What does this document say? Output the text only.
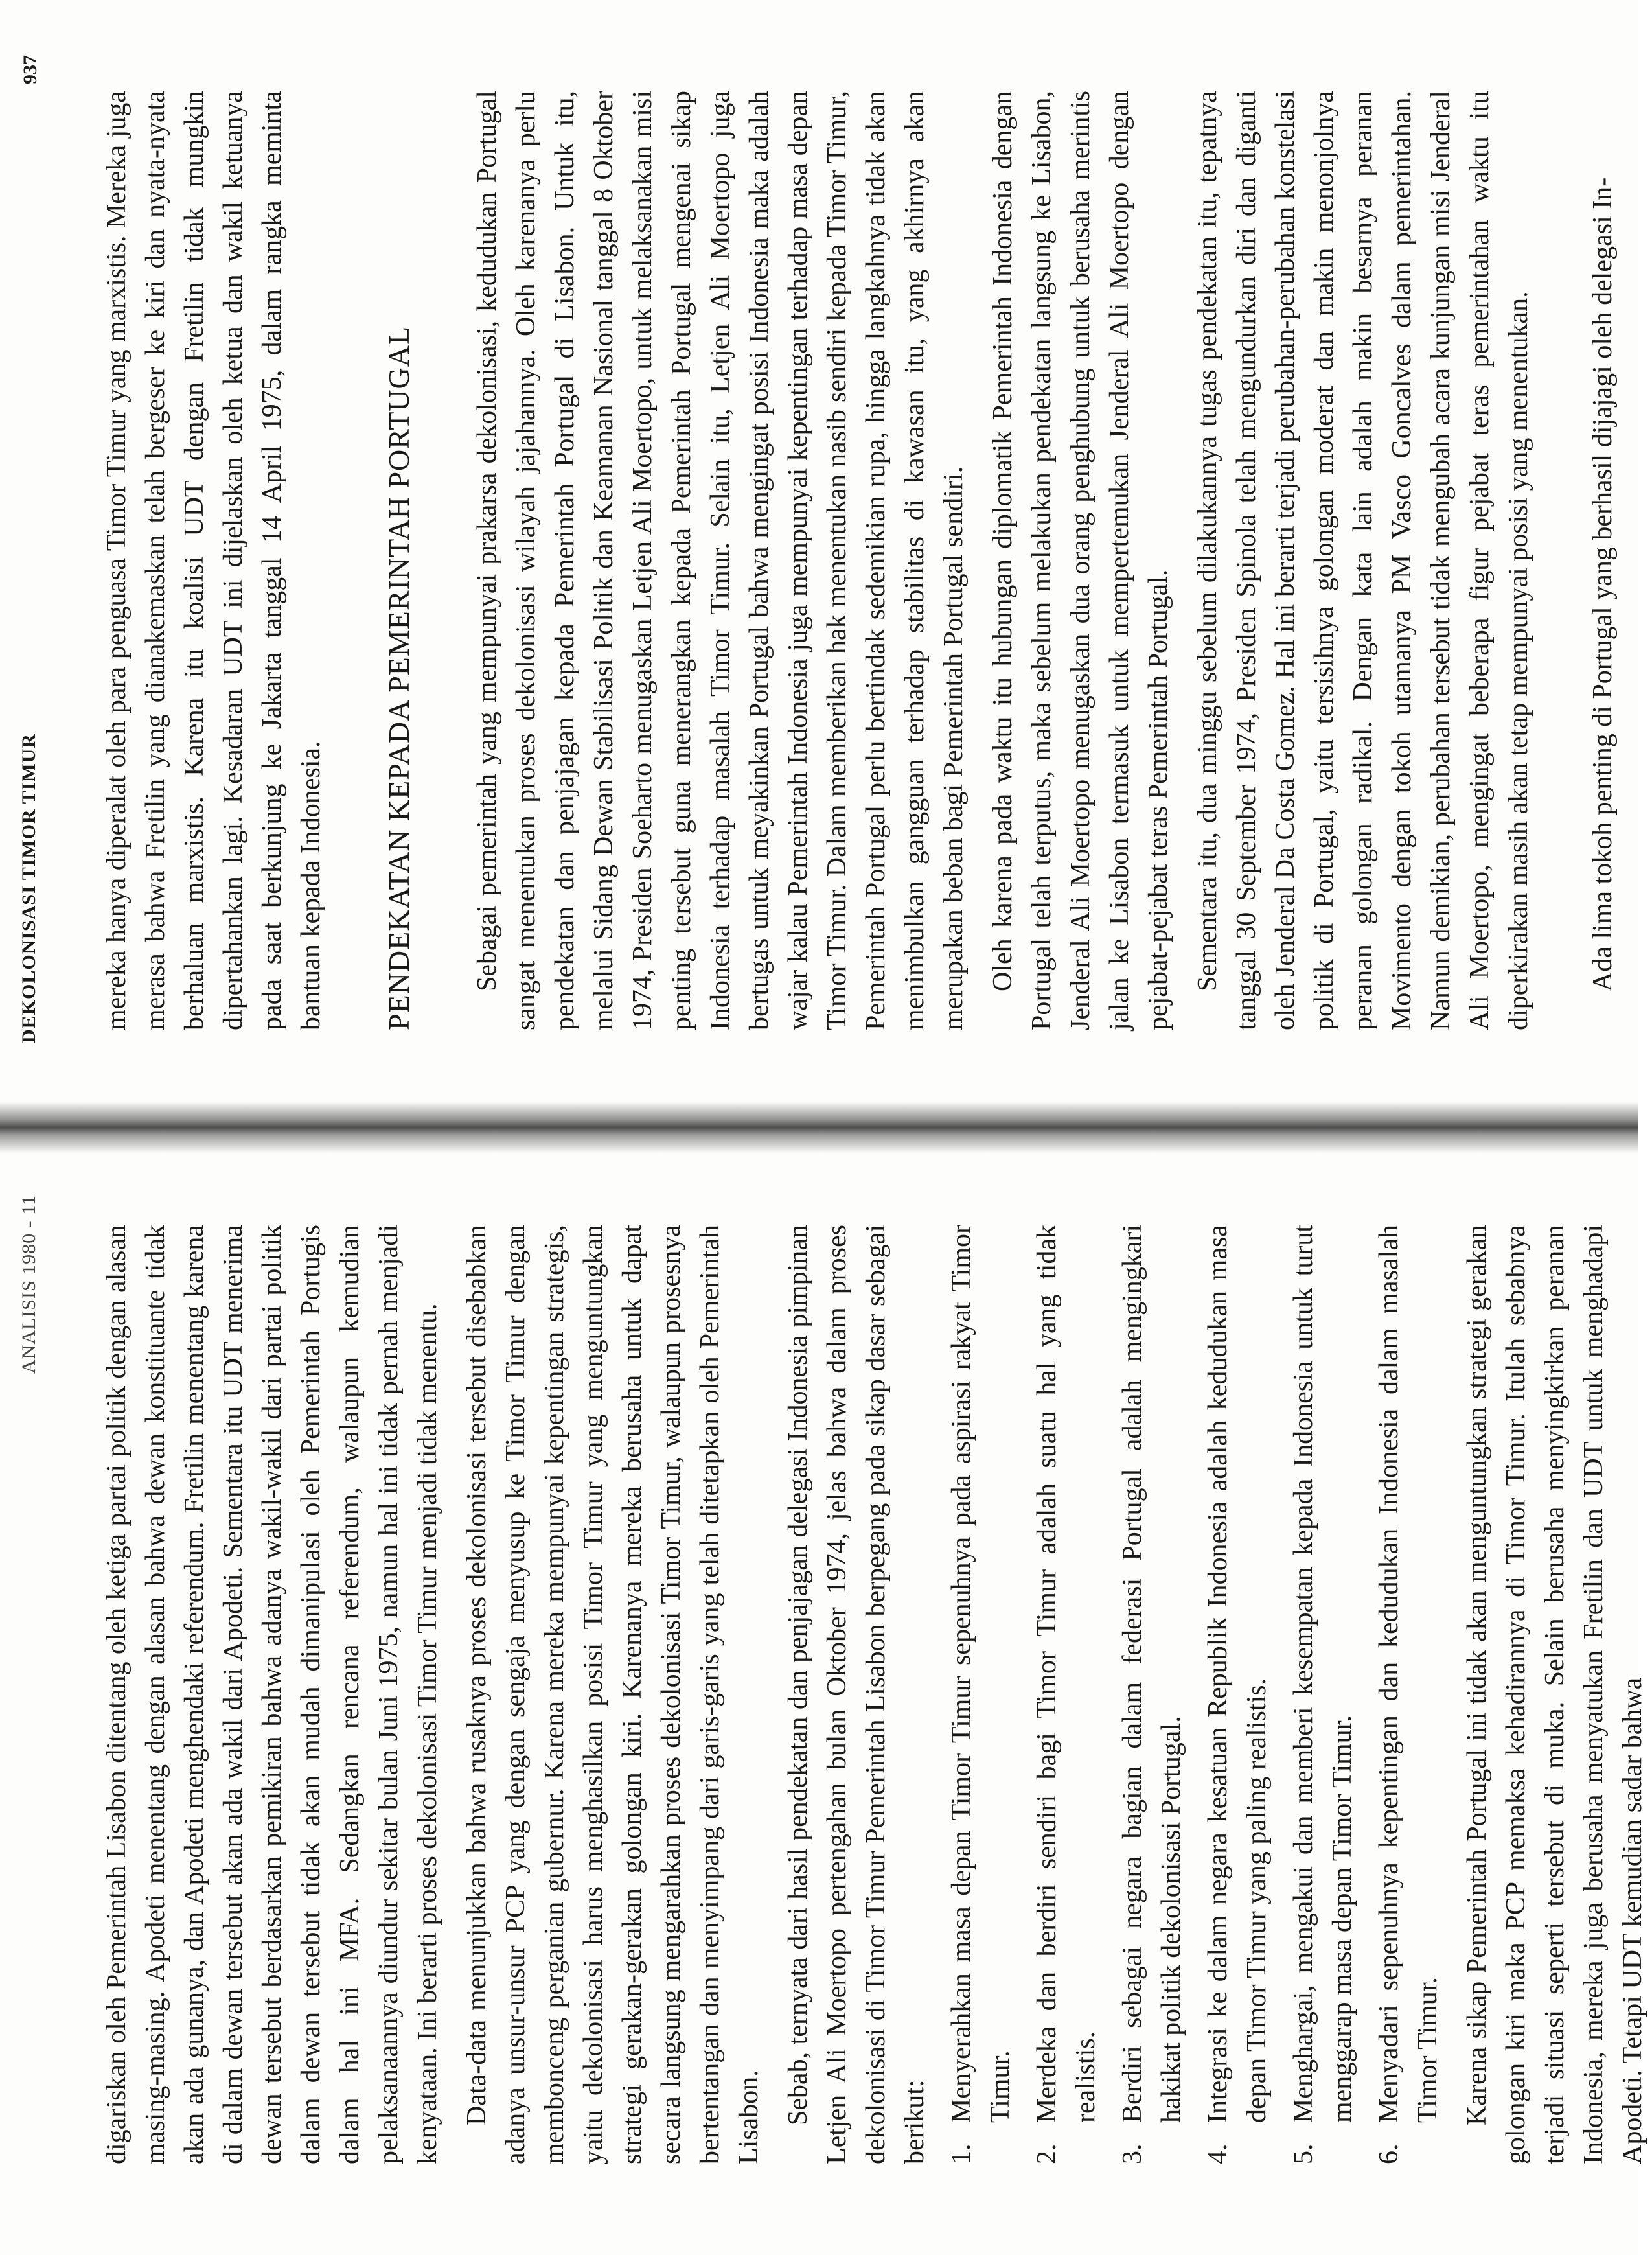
ANALISIS 1980 - 11 digariskan oleh Pemerintah Lisabon ditentang oleh ketiga partai politik dengan alasan masing-masing. Apodeti menentang dengan alasan bahwa dewan konstituante tidak akan ada gunanya, dan Apodeti menghendaki referendum. Fretilin menentang karena di dalam dewan tersebut akan ada wakil dari Apodeti. Sementara itu UDT menerima dewan tersebut berdasarkan pemikiran bahwa adanya wakil-wakil dari partai politik dalam dewan tersebut tidak akan mudah dimanipulasi oleh Pemerintah Portugis dalam hal ini MFA. Sedangkan rencana referendum, walaupun kemudian pelaksanaannya diundur sekitar bulan Juni 1975, namun hal ini tidak pernah menjadi kenyataan. Ini berarti proses dekolonisasi Timor Timur menjadi tidak menentu. Data-data menunjukkan bahwa rusaknya proses dekolonisasi tersebut disebabkan adanya unsur-unsur PCP yang dengan sengaja menyusup ke Timor Timur dengan membonceng perganian gubernur. Karena mereka mempunyai kepentingan strategis, yaitu dekolonisasi harus menghasilkan posisi Timor Timur yang menguntungkan strategi gerakan-gerakan golongan kiri. Karenanya mereka berusaha untuk dapat secara langsung mengarahkan proses dekolonisasi Timor Timur, walaupun prosesnya bertentangan dan menyimpang dari garis-garis yang telah ditetapkan oleh Pemerintah Lisabon. Sebab, ternyata dari hasil pendekatan dan penjajagan delegasi Indonesia pimpinan Letjen Ali Moertopo pertengahan bulan Oktober 1974, jelas bahwa dalam proses dekolonisasi di Timor Timur Pemerintah Lisabon berpegang pada sikap dasar sebagai berikut: 1.
Menyerahkan masa depan Timor Timur sepenuhnya pada aspirasi rakyat Timor Timur.
2.
Merdeka dan berdiri sendiri bagi Timor Timur adalah suatu hal yang tidak realistis.
3.
Berdiri sebagai negara bagian dalam federasi Portugal adalah mengingkari hakikat politik dekolonisasi Portugal.
4.
Integrasi ke dalam negara kesatuan Republik Indonesia adalah kedudukan masa depan Timor Timur yang paling realistis.
5.
Menghargai, mengakui dan memberi kesempatan kepada Indonesia untuk turut menggarap masa depan Timor Timur.
6.
Menyadari sepenuhnya kepentingan dan kedudukan Indonesia dalam masalah Timor Timur. Karena sikap Pemerintah Portugal ini tidak akan menguntungkan strategi gerakan golongan kiri maka PCP memaksa kehadirannya di Timor Timur. Itulah sebabnya terjadi situasi seperti tersebut di muka. Selain berusaha menyingkirkan peranan Indonesia, mereka juga berusaha menyatukan Fretilin dan UDT untuk menghadapi Apodeti. Tetapi UDT kemudian sadar bahwa

DEKOLONISASI TIMOR TIMUR
937

mereka hanya diperalat oleh para penguasa Timor Timur yang marxistis. Mereka juga merasa bahwa Fretilin yang dianakemaskan telah bergeser ke kiri dan nyata-nyata berhaluan marxistis. Karena itu koalisi UDT dengan Fretilin tidak mungkin dipertahankan lagi. Kesadaran UDT ini dijelaskan oleh ketua dan wakil ketuanya pada saat berkunjung ke Jakarta tanggal 14 April 1975, dalam rangka meminta bantuan kepada Indonesia. PENDEKATAN KEPADA PEMERINTAH PORTUGAL Sebagai pemerintah yang mempunyai prakarsa dekolonisasi, kedudukan Portugal sangat menentukan proses dekolonisasi wilayah jajahannya. Oleh karenanya perlu pendekatan dan penjajagan kepada Pemerintah Portugal di Lisabon. Untuk itu, melalui Sidang Dewan Stabilisasi Politik dan Keamanan Nasional tanggal 8 Oktober 1974, Presiden Soeharto menugaskan Letjen Ali Moertopo, untuk melaksanakan misi penting tersebut guna menerangkan kepada Pemerintah Portugal mengenai sikap Indonesia terhadap masalah Timor Timur. Selain itu, Letjen Ali Moertopo juga bertugas untuk meyakinkan Portugal bahwa mengingat posisi Indonesia maka adalah wajar kalau Pemerintah Indonesia juga mempunyai kepentingan terhadap masa depan Timor Timur. Dalam memberikan hak menentukan nasib sendiri kepada Timor Timur, Pemerintah Portugal perlu bertindak sedemikian rupa, hingga langkahnya tidak akan menimbulkan gangguan terhadap stabilitas di kawasan itu, yang akhirnya akan merupakan beban bagi Pemerintah Portugal sendiri. Oleh karena pada waktu itu hubungan diplomatik Pemerintah Indonesia dengan Portugal telah terputus, maka sebelum melakukan pendekatan langsung ke Lisabon, Jenderal Ali Moertopo menugaskan dua orang penghubung untuk berusaha merintis jalan ke Lisabon termasuk untuk mempertemukan Jenderal Ali Moertopo dengan pejabat-pejabat teras Pemerintah Portugal. Sementara itu, dua minggu sebelum dilakukannya tugas pendekatan itu, tepatnya tanggal 30 September 1974, Presiden Spinola telah mengundurkan diri dan diganti oleh Jenderal Da Costa Gomez. Hal ini berarti terjadi perubahan-perubahan konstelasi politik di Portugal, yaitu tersisihnya golongan moderat dan makin menonjolnya peranan golongan radikal. Dengan kata lain adalah makin besarnya peranan Movimento dengan tokoh utamanya PM Vasco Goncalves dalam pemerintahan. Namun demikian, perubahan tersebut tidak mengubah acara kunjungan misi Jenderal Ali Moertopo, mengingat beberapa figur pejabat teras pemerintahan waktu itu diperkirakan masih akan tetap mempunyai posisi yang menentukan. Ada lima tokoh penting di Portugal yang berhasil dijajagi oleh delegasi In-
